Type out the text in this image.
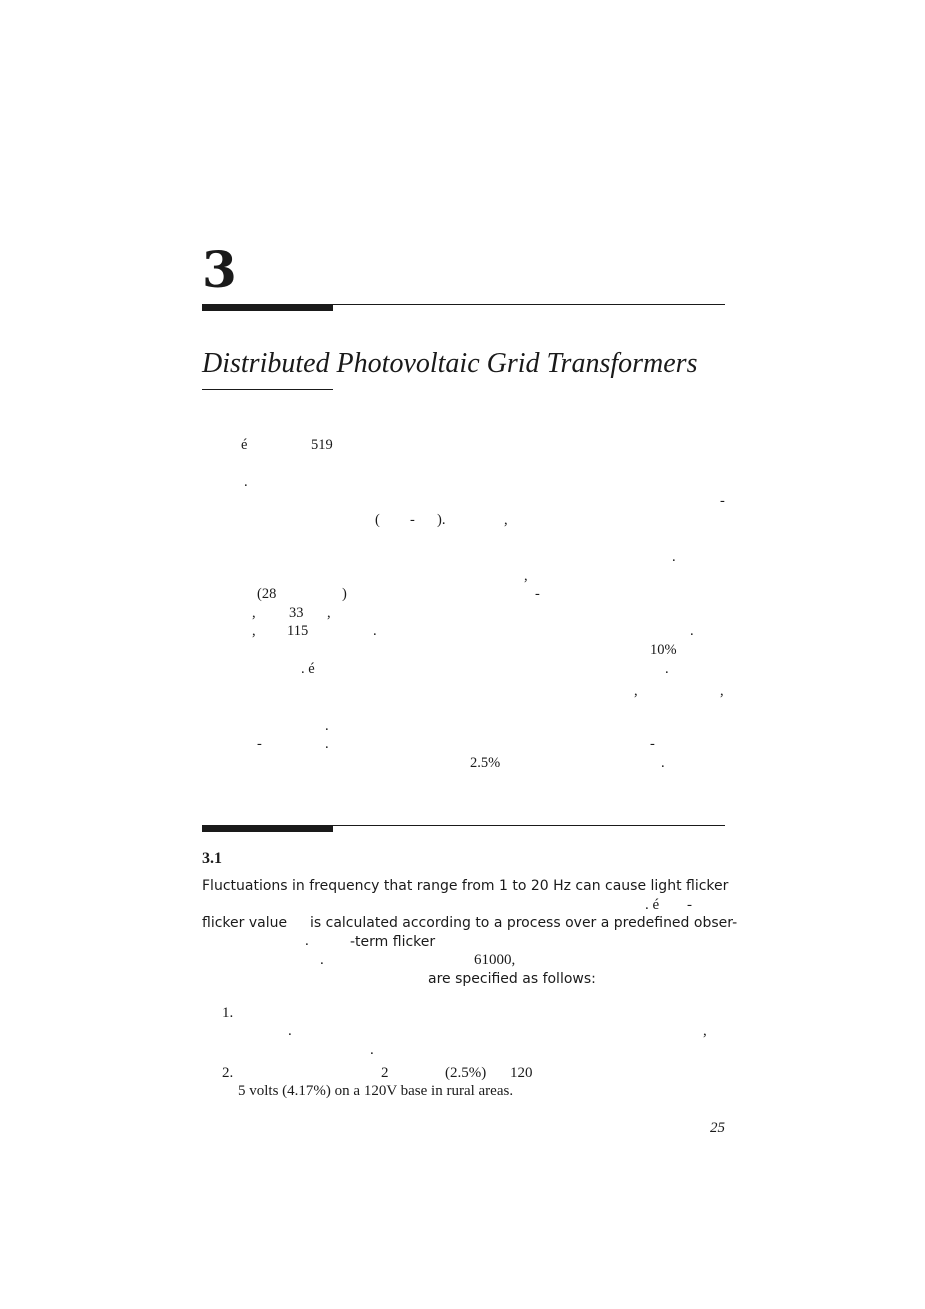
3
Distributed Photovoltaic Grid Transformers
é	519
.
-
( - ).	,
.
,
(28	)	-
, 33 ,
, 115	.	.
10%
. é	.
,	,
.
-	.	-
2.5%	.
3.1
Fluctuations in frequency that range from 1 to 20 Hz can cause light flicker
. é -
flicker value is calculated according to a process over a predefined obser-
.	-term flicker
.	61000,
are specified as follows:
1.
.	,
.
2.	2	(2.5%) 120
5 volts (4.17%) on a 120V base in rural areas.
25
